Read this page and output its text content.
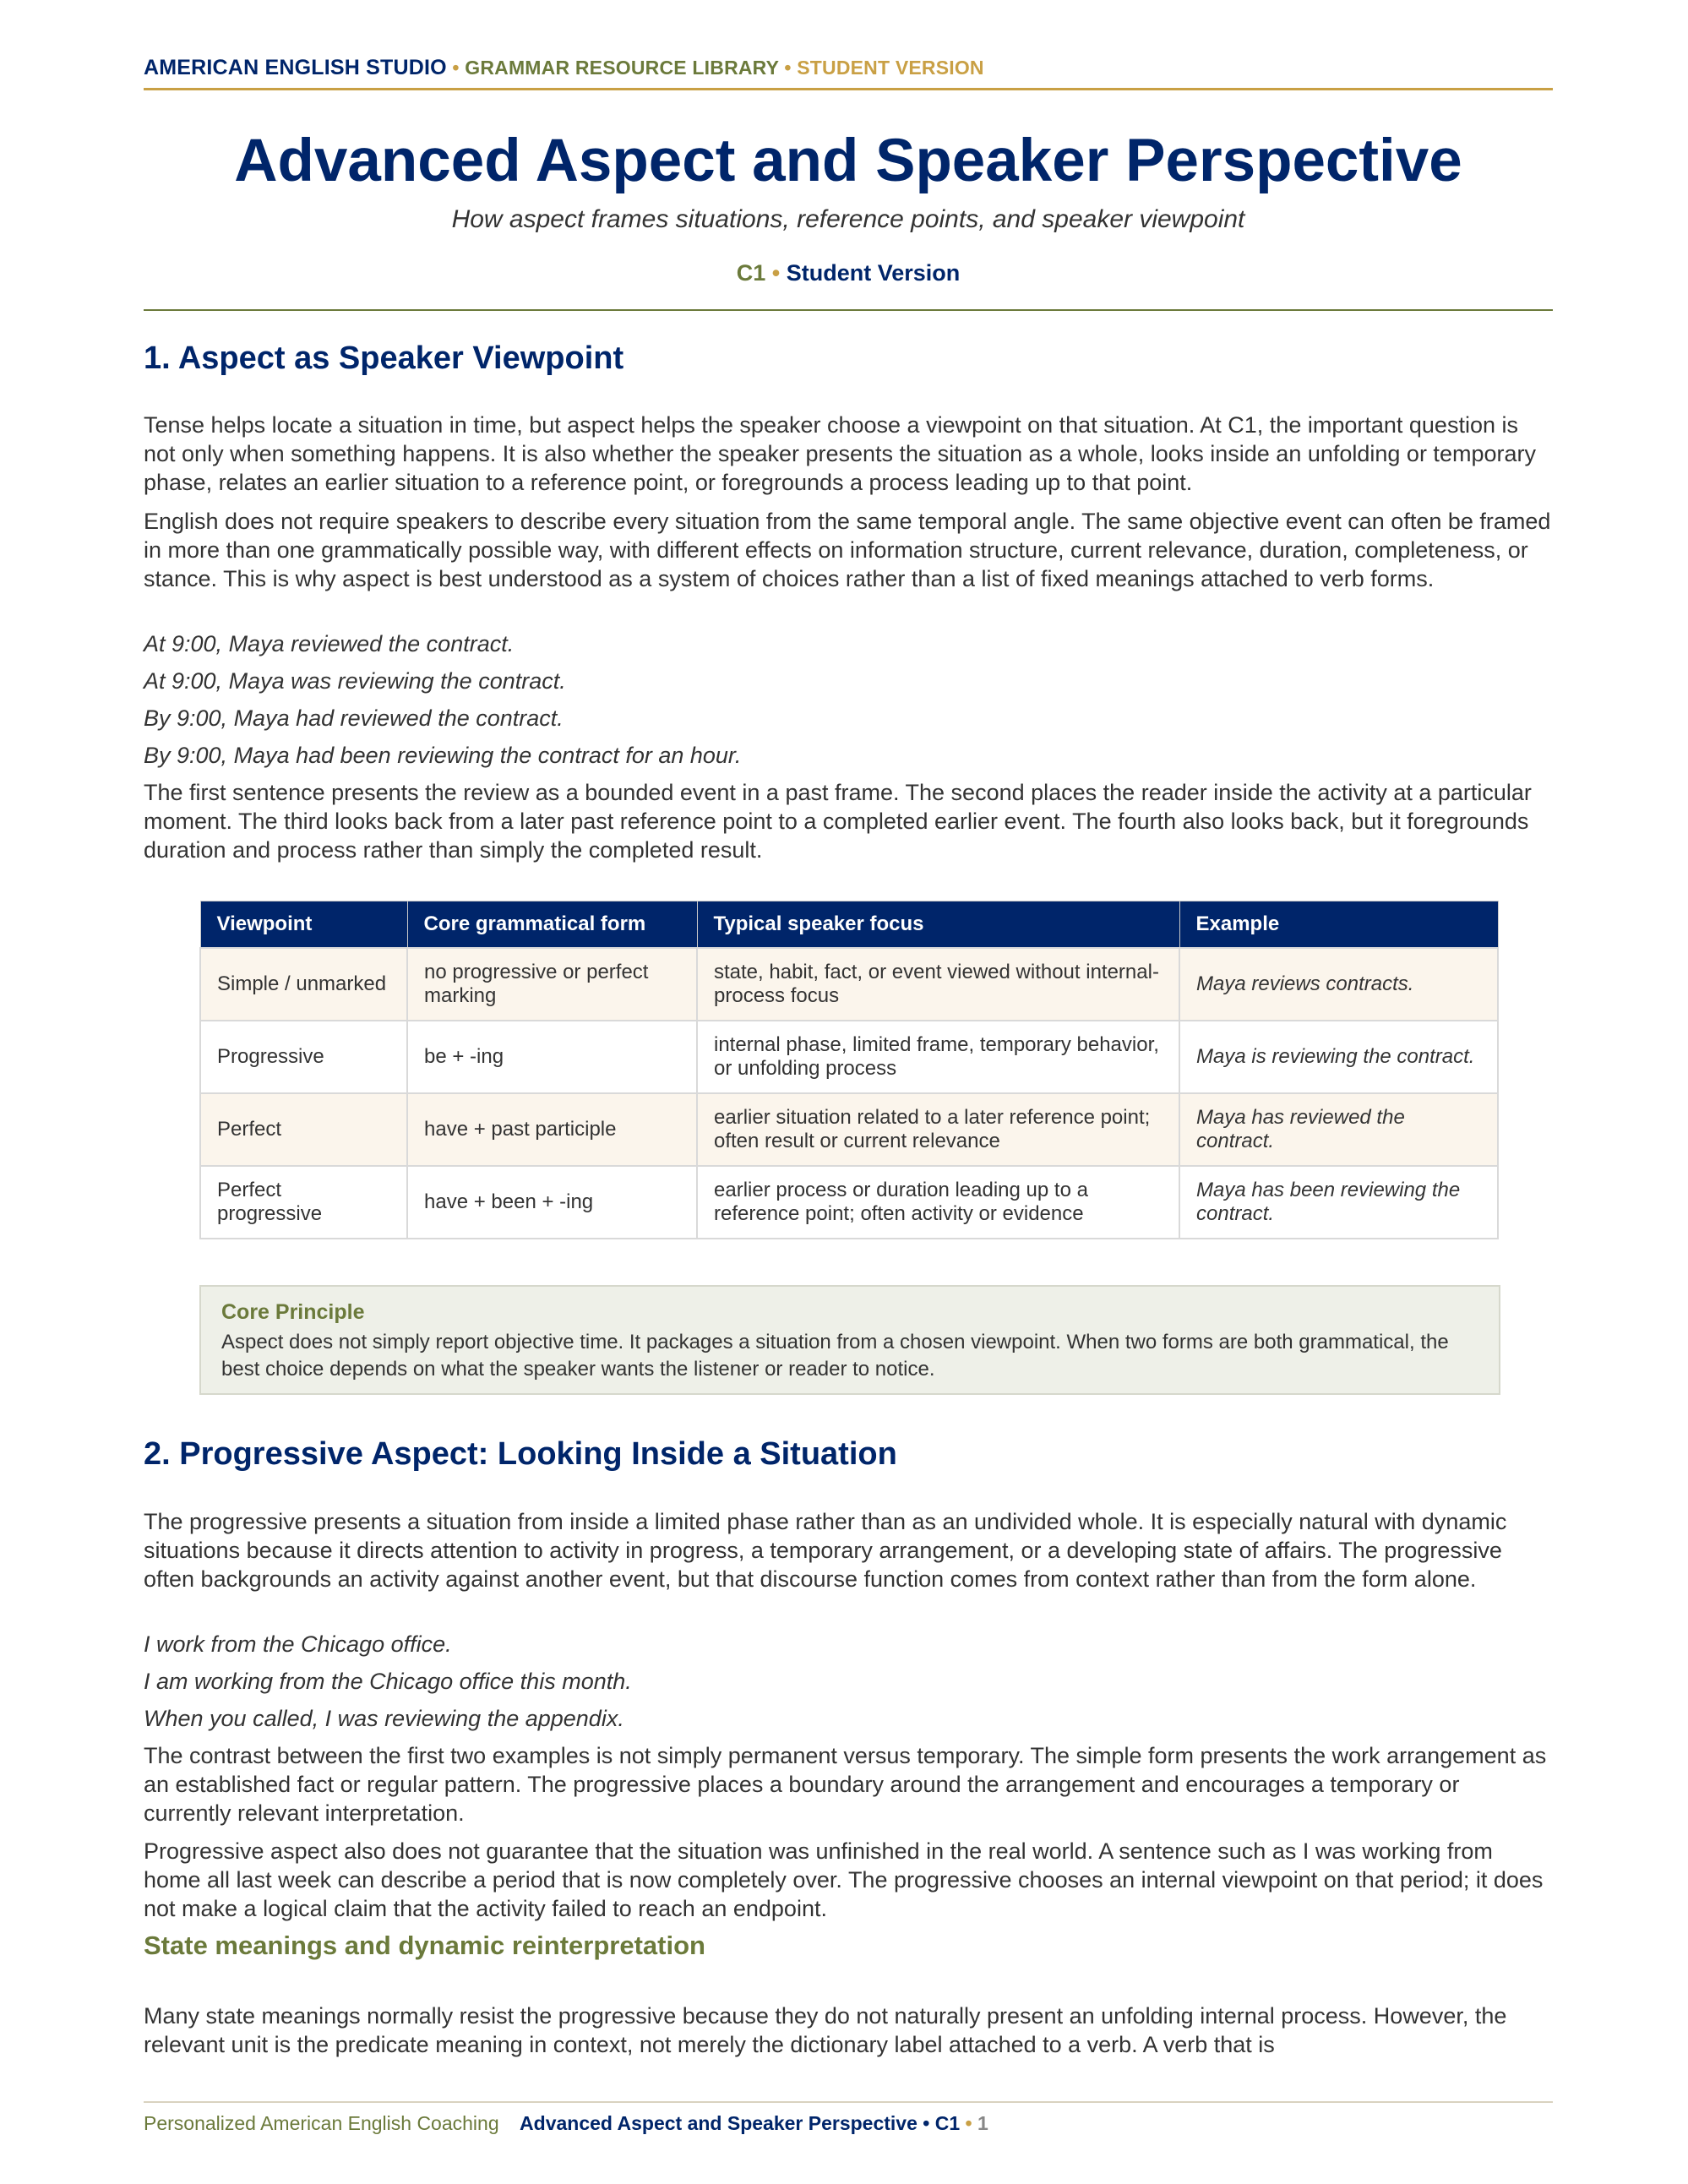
AMERICAN ENGLISH STUDIO • GRAMMAR RESOURCE LIBRARY • STUDENT VERSION
Advanced Aspect and Speaker Perspective
How aspect frames situations, reference points, and speaker viewpoint
C1 • Student Version
1. Aspect as Speaker Viewpoint

Tense helps locate a situation in time, but aspect helps the speaker choose a viewpoint on that situation. At C1, the important question is not only when something happens. It is also whether the speaker presents the situation as a whole, looks inside an unfolding or temporary phase, relates an earlier situation to a reference point, or foregrounds a process leading up to that point.

English does not require speakers to describe every situation from the same temporal angle. The same objective event can often be framed in more than one grammatically possible way, with different effects on information structure, current relevance, duration, completeness, or stance. This is why aspect is best understood as a system of choices rather than a list of fixed meanings attached to verb forms.

At 9:00, Maya reviewed the contract.

At 9:00, Maya was reviewing the contract.

By 9:00, Maya had reviewed the contract.

By 9:00, Maya had been reviewing the contract for an hour.

The first sentence presents the review as a bounded event in a past frame. The second places the reader inside the activity at a particular moment. The third looks back from a later past reference point to a completed earlier event. The fourth also looks back, but it foregrounds duration and process rather than simply the completed result.

Viewpoint	Core grammatical form	Typical speaker focus	Example
Simple / unmarked	no progressive or perfect marking	state, habit, fact, or event viewed without internal-process focus	Maya reviews contracts.
Progressive	be + -ing	internal phase, limited frame, temporary behavior, or unfolding process	Maya is reviewing the contract.
Perfect	have + past participle	earlier situation related to a later reference point; often result or current relevance	Maya has reviewed the contract.
Perfect progressive	have + been + -ing	earlier process or duration leading up to a reference point; often activity or evidence	Maya has been reviewing the contract.
Core Principle
Aspect does not simply report objective time. It packages a situation from a chosen viewpoint. When two forms are both grammatical, the best choice depends on what the speaker wants the listener or reader to notice.
2. Progressive Aspect: Looking Inside a Situation

The progressive presents a situation from inside a limited phase rather than as an undivided whole. It is especially natural with dynamic situations because it directs attention to activity in progress, a temporary arrangement, or a developing state of affairs. The progressive often backgrounds an activity against another event, but that discourse function comes from context rather than from the form alone.

I work from the Chicago office.

I am working from the Chicago office this month.

When you called, I was reviewing the appendix.

The contrast between the first two examples is not simply permanent versus temporary. The simple form presents the work arrangement as an established fact or regular pattern. The progressive places a boundary around the arrangement and encourages a temporary or currently relevant interpretation.

Progressive aspect also does not guarantee that the situation was unfinished in the real world. A sentence such as I was working from home all last week can describe a period that is now completely over. The progressive chooses an internal viewpoint on that period; it does not make a logical claim that the activity failed to reach an endpoint.

State meanings and dynamic reinterpretation

Many state meanings normally resist the progressive because they do not naturally present an unfolding internal process. However, the relevant unit is the predicate meaning in context, not merely the dictionary label attached to a verb. A verb that is

Personalized American English Coaching Advanced Aspect and Speaker Perspective • C1 • 1
